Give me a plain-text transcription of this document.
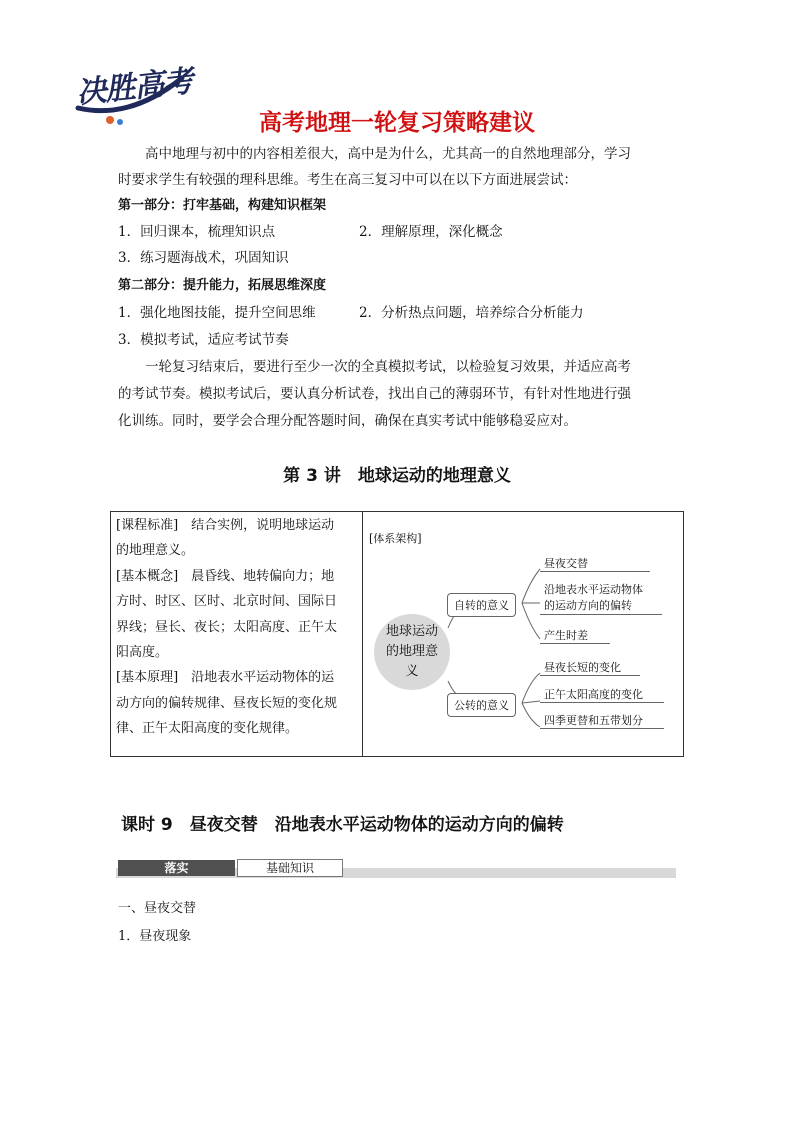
决胜高考
高考地理一轮复习策略建议
高中地理与初中的内容相差很大，高中是为什么，尤其高一的自然地理部分，学习
时要求学生有较强的理科思维。考生在高三复习中可以在以下方面进展尝试：
第一部分：打牢基础，构建知识框架
1．回归课本，梳理知识点	2．理解原理，深化概念
3．练习题海战术，巩固知识
第二部分：提升能力，拓展思维深度
1．强化地图技能，提升空间思维	2．分析热点问题，培养综合分析能力
3．模拟考试，适应考试节奏
一轮复习结束后，要进行至少一次的全真模拟考试，以检验复习效果，并适应高考
的考试节奏。模拟考试后，要认真分析试卷，找出自己的薄弱环节，有针对性地进行强
化训练。同时，要学会合理分配答题时间，确保在真实考试中能够稳妥应对。
第 3 讲　地球运动的地理意义
[课程标准]　结合实例，说明地球运动
的地理意义。
[基本概念]　晨昏线、地转偏向力；地
方时、时区、区时、北京时间、国际日
界线；昼长、夜长；太阳高度、正午太
阳高度。
[基本原理]　沿地表水平运动物体的运
动方向的偏转规律、昼夜长短的变化规
律、正午太阳高度的变化规律。
[体系架构]
地球运动的地理意义
自转的意义
公转的意义
昼夜交替
沿地表水平运动物体
的运动方向的偏转
产生时差
昼夜长短的变化
正午太阳高度的变化
四季更替和五带划分
课时 9　昼夜交替　沿地表水平运动物体的运动方向的偏转
落实	基础知识
一、昼夜交替
1．昼夜现象
